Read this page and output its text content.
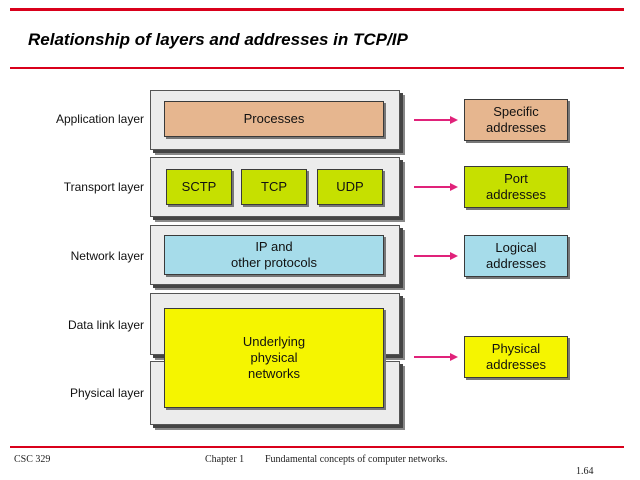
Relationship of layers and addresses in TCP/IP
Application layer
Transport layer
Network layer
Data link layer
Physical layer
Processes
SCTP	TCP	UDP
IP and
other protocols
Underlying
physical
networks
Specific
addresses
Port
addresses
Logical
addresses
Physical
addresses
CSC 329	Chapter 1 Fundamental concepts of computer networks.
1.64
